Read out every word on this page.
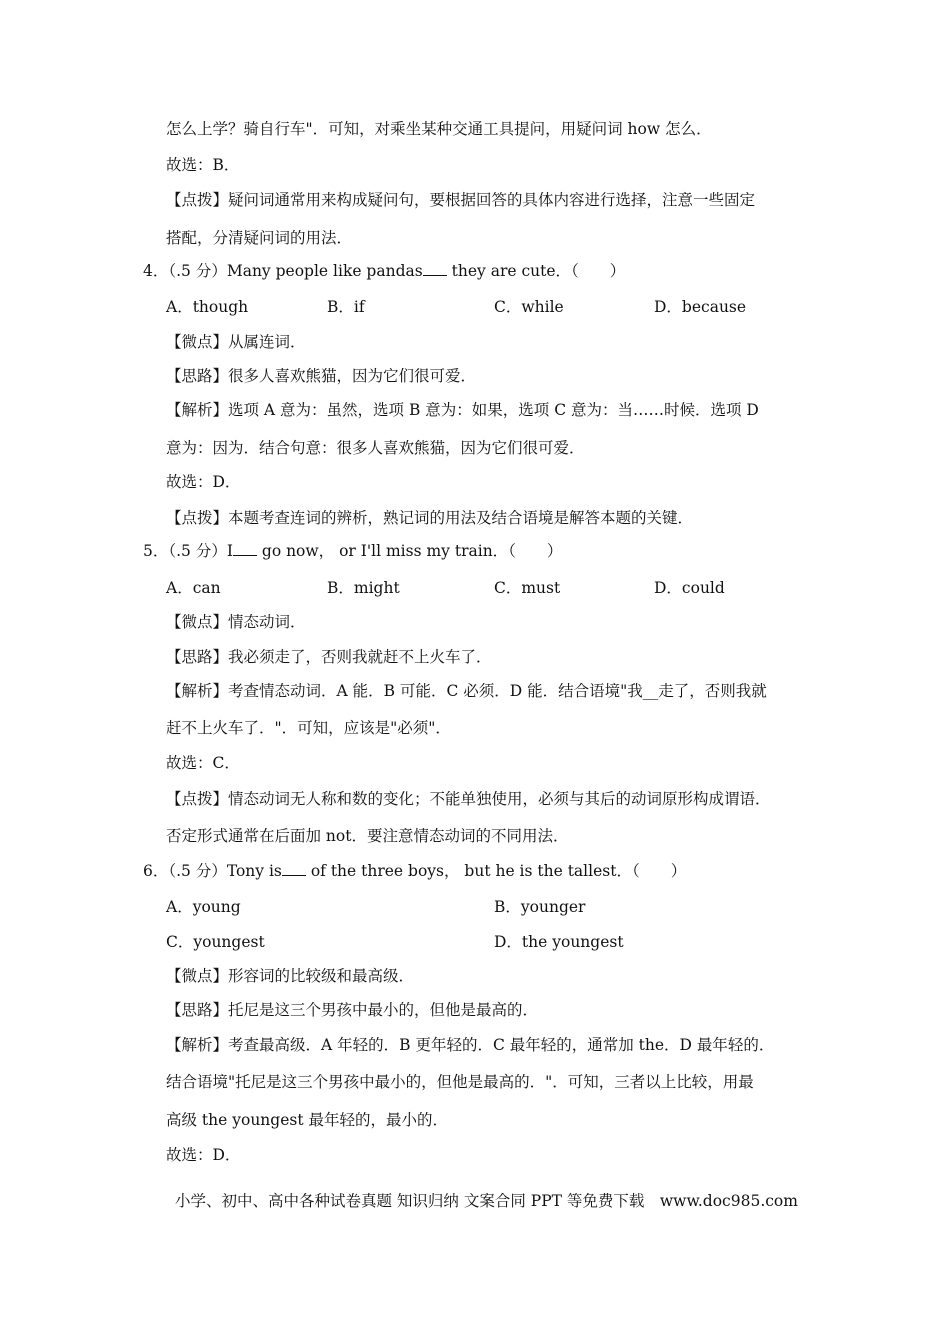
怎么上学？骑自行车"．可知，对乘坐某种交通工具提问，用疑问词 how 怎么．
故选：B．
【点拨】疑问词通常用来构成疑问句，要根据回答的具体内容进行选择，注意一些固定
搭配，分清疑问词的用法．
4．（.5 分）Many people like pandas they are cute．（　　）
A．though	B．if	C．while	D．because
【微点】从属连词．
【思路】很多人喜欢熊猫，因为它们很可爱．
【解析】选项 A 意为：虽然，选项 B 意为：如果，选项 C 意为：当……时候．选项 D
意为：因为．结合句意：很多人喜欢熊猫，因为它们很可爱．
故选：D．
【点拨】本题考查连词的辨析，熟记词的用法及结合语境是解答本题的关键．
5．（.5 分）I go now， or I'll miss my train．（　　）
A．can	B．might	C．must	D．could
【微点】情态动词．
【思路】我必须走了，否则我就赶不上火车了．
【解析】考查情态动词．A 能．B 可能．C 必须．D 能．结合语境"我__走了，否则我就
赶不上火车了．"．可知，应该是"必须"．
故选：C．
【点拨】情态动词无人称和数的变化；不能单独使用，必须与其后的动词原形构成谓语．
否定形式通常在后面加 not．要注意情态动词的不同用法．
6．（.5 分）Tony is of the three boys， but he is the tallest．（　　）
A．young	B．younger
C．youngest	D．the youngest
【微点】形容词的比较级和最高级．
【思路】托尼是这三个男孩中最小的，但他是最高的．
【解析】考查最高级．A 年轻的．B 更年轻的．C 最年轻的，通常加 the．D 最年轻的．
结合语境"托尼是这三个男孩中最小的，但他是最高的．"．可知，三者以上比较，用最
高级 the youngest 最年轻的，最小的．
故选：D．
小学、初中、高中各种试卷真题 知识归纳 文案合同 PPT 等免费下载　www.doc985.com
